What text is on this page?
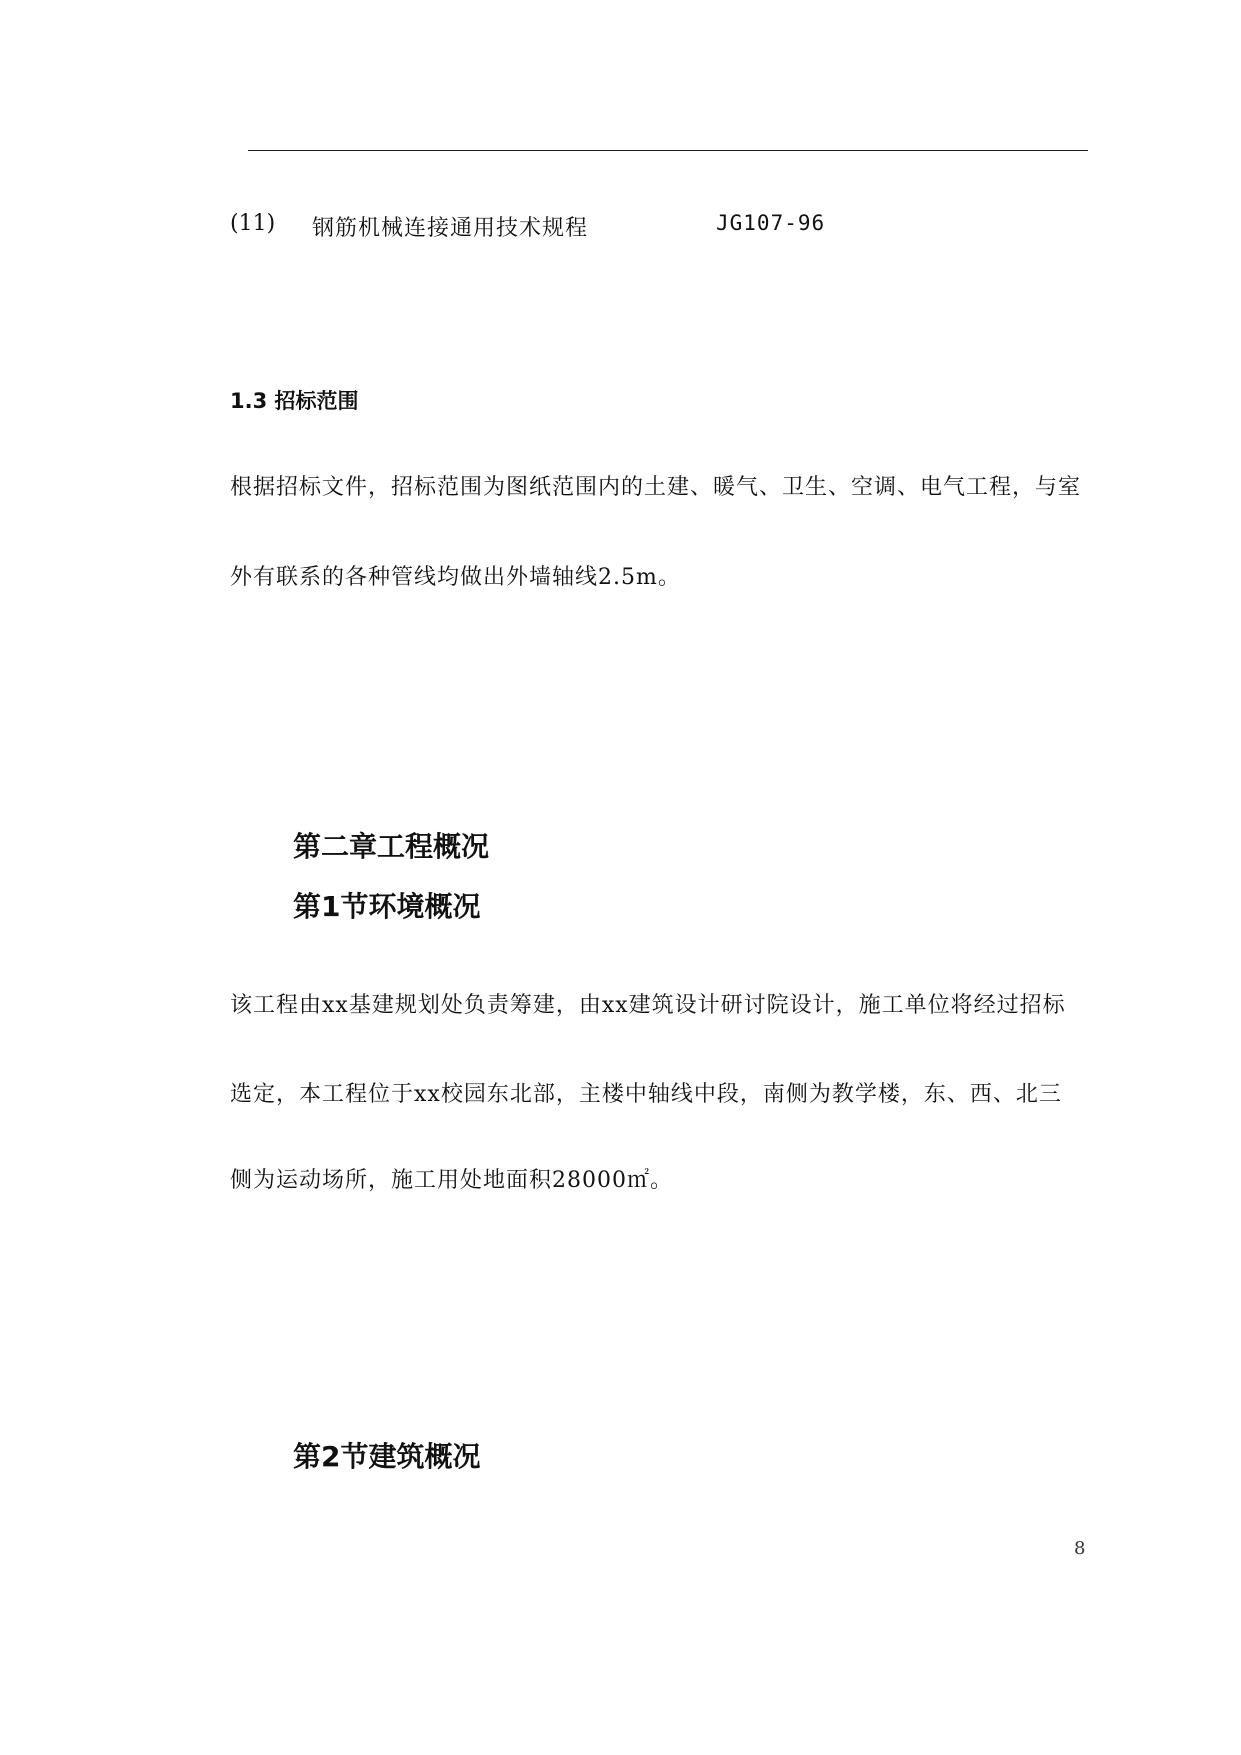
(11) 钢筋机械连接通用技术规程	JG107-96
1.3 招标范围
根据招标文件，招标范围为图纸范围内的土建、暖气、卫生、空调、电气工程，与室
外有联系的各种管线均做出外墙轴线2.5m。
第二章工程概况
第1节环境概况
该工程由xx基建规划处负责筹建，由xx建筑设计研讨院设计，施工单位将经过招标
选定，本工程位于xx校园东北部，主楼中轴线中段，南侧为教学楼，东、西、北三
侧为运动场所，施工用处地面积28000㎡。
第2节建筑概况
8
